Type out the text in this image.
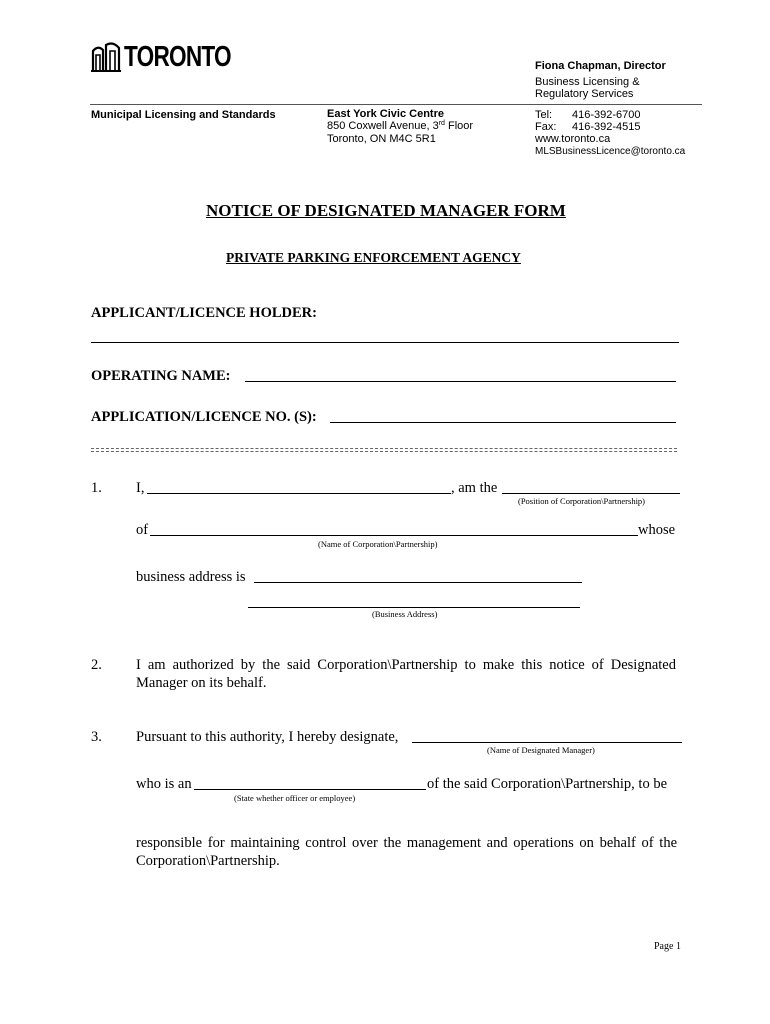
TORONTO	Fiona Chapman, Director
Business Licensing &
Regulatory Services
Municipal Licensing and Standards	East York Civic Centre
850 Coxwell Avenue, 3rd Floor
Toronto, ON M4C 5R1
Tel: 416-392-6700
Fax: 416-392-4515
www.toronto.ca
MLSBusinessLicence@toronto.ca
NOTICE OF DESIGNATED MANAGER FORM
PRIVATE PARKING ENFORCEMENT AGENCY
APPLICANT/LICENCE HOLDER:
OPERATING NAME:
APPLICATION/LICENCE NO. (S):
1. I,	, am the
(Position of Corporation\Partnership)
of	whose
(Name of Corporation\Partnership)
business address is
(Business Address)
2. I am authorized by the said Corporation\Partnership to make this notice of Designated
Manager on its behalf.
3. Pursuant to this authority, I hereby designate,
(Name of Designated Manager)
who is an	of the said Corporation\Partnership, to be
(State whether officer or employee)
responsible for maintaining control over the management and operations on behalf of the
Corporation\Partnership.
Page 1
